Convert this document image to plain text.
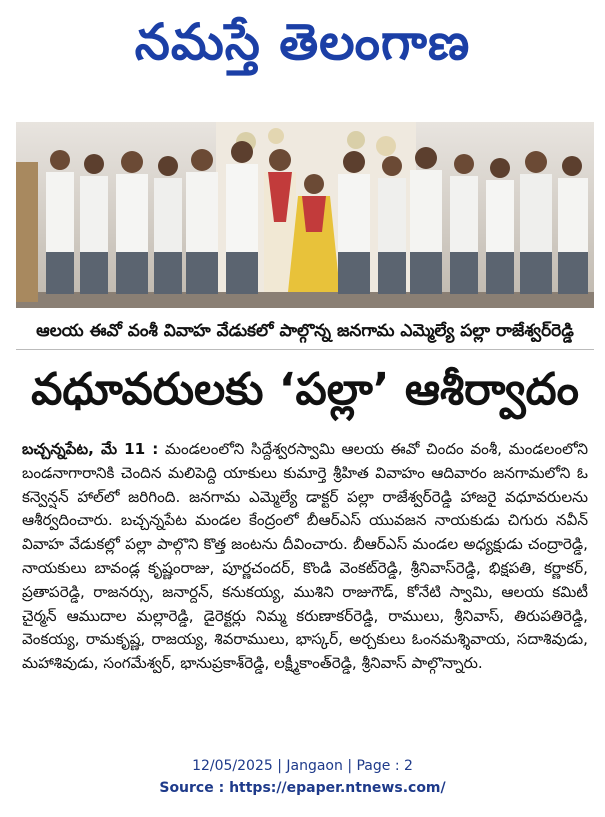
నమస్తే తెలంగాణ
ఆలయ ఈవో వంశీ వివాహ వేడుకలో పాల్గొన్న జనగామ ఎమ్మెల్యే పల్లా రాజేశ్వర్‌రెడ్డి
వధూవరులకు ‘పల్లా’ ఆశీర్వాదం
బచ్చన్నపేట, మే 11 : మండలంలోని సిద్దేశ్వరస్వామి ఆలయ ఈవో చిందం వంశీ, మండలంలోని బండనాగారానికి చెందిన మలిపెద్ది యాకులు కుమార్తె శ్రీహిత వివాహం ఆదివారం జనగామలోని ఓ కన్వెన్షన్ హాల్‌లో జరిగింది. జనగామ ఎమ్మెల్యే డాక్టర్ పల్లా రాజేశ్వర్‌రెడ్డి హాజరై వధూవరులను ఆశీర్వదించారు. బచ్చన్నపేట మండల కేంద్రంలో బీఆర్ఎస్ యువజన నాయకుడు చిగురు నవీన్ వివాహ వేడుకల్లో పల్లా పాల్గొని కొత్త జంటను దీవించారు. బీఆర్ఎస్ మండల అధ్యక్షుడు చంద్రారెడ్డి, నాయకులు బావండ్ల కృష్ణంరాజు, పూర్ణచందర్, కొండి వెంకట్‌రెడ్డి, శ్రీనివాస్‌రెడ్డి, భిక్షపతి, కర్ణాకర్, ప్రతాపరెడ్డి, రాజనర్సు, జనార్దన్, కనుకయ్య, ముశిని రాజుగౌడ్, కోనేటి స్వామి, ఆలయ కమిటీ చైర్మన్ ఆముదాల మల్లారెడ్డి, డైరెక్టర్లు నిమ్మ కరుణాకర్‌రెడ్డి, రాములు, శ్రీనివాస్, తిరుపతిరెడ్డి, వెంకయ్య, రామకృష్ణ, రాజయ్య, శివరాములు, భాస్కర్, అర్చకులు ఓంనమశ్శివాయ, సదాశివుడు, మహాశివుడు, సంగమేశ్వర్, భానుప్రకాశ్‌రెడ్డి, లక్ష్మీకాంత్‌రెడ్డి, శ్రీనివాస్ పాల్గొన్నారు.
12/05/2025 | Jangaon | Page : 2
Source : https://epaper.ntnews.com/
